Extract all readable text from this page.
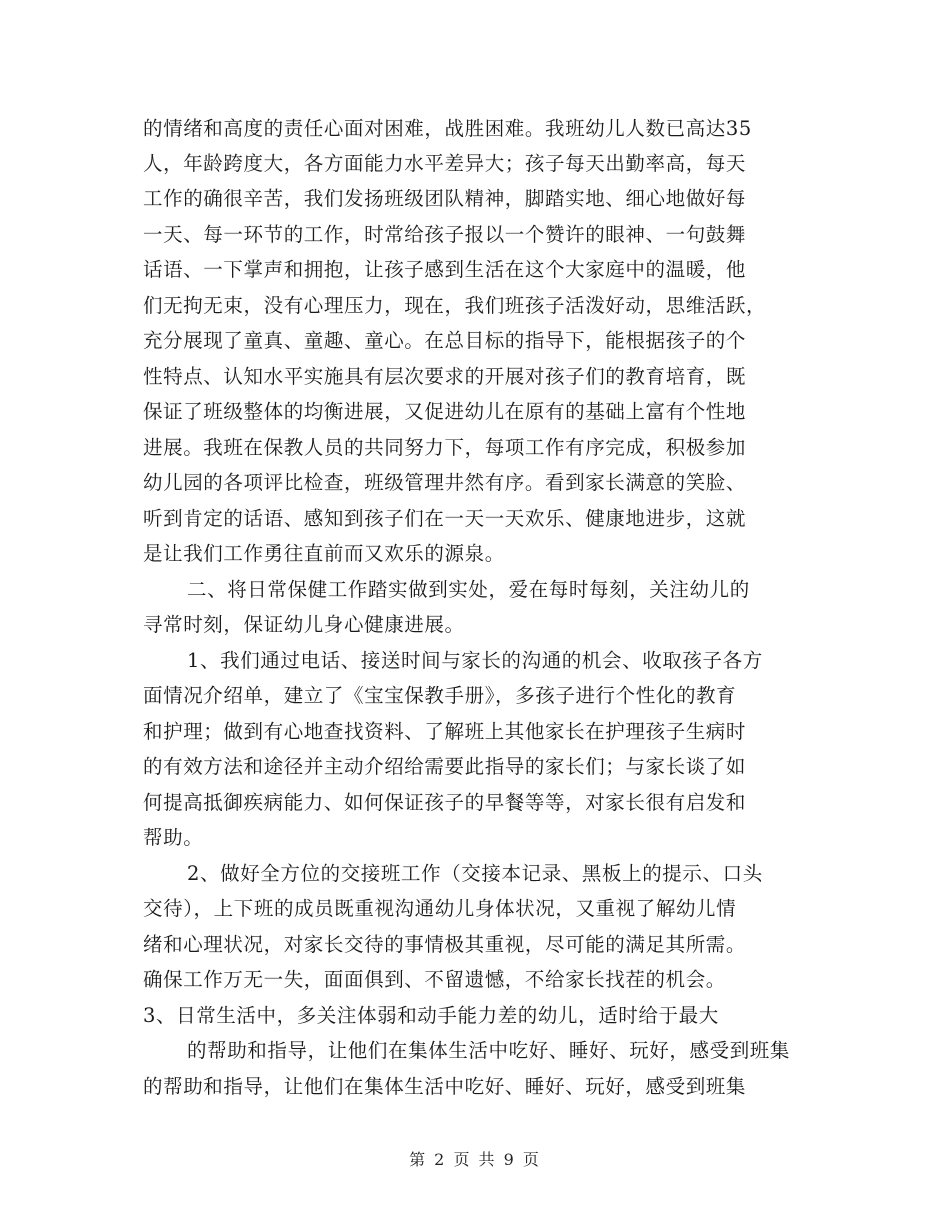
的情绪和高度的责任心面对困难，战胜困难。我班幼儿人数已高达35
人，年龄跨度大，各方面能力水平差异大；孩子每天出勤率高，每天
工作的确很辛苦，我们发扬班级团队精神，脚踏实地、细心地做好每
一天、每一环节的工作，时常给孩子报以一个赞许的眼神、一句鼓舞
话语、一下掌声和拥抱，让孩子感到生活在这个大家庭中的温暖，他
们无拘无束，没有心理压力，现在，我们班孩子活泼好动，思维活跃，
充分展现了童真、童趣、童心。在总目标的指导下，能根据孩子的个
性特点、认知水平实施具有层次要求的开展对孩子们的教育培育，既
保证了班级整体的均衡进展，又促进幼儿在原有的基础上富有个性地
进展。我班在保教人员的共同努力下，每项工作有序完成，积极参加
幼儿园的各项评比检查，班级管理井然有序。看到家长满意的笑脸、
听到肯定的话语、感知到孩子们在一天一天欢乐、健康地进步，这就
是让我们工作勇往直前而又欢乐的源泉。
二、将日常保健工作踏实做到实处，爱在每时每刻，关注幼儿的
寻常时刻，保证幼儿身心健康进展。
1、我们通过电话、接送时间与家长的沟通的机会、收取孩子各方
面情况介绍单，建立了《宝宝保教手册》，多孩子进行个性化的教育
和护理；做到有心地查找资料、了解班上其他家长在护理孩子生病时
的有效方法和途径并主动介绍给需要此指导的家长们；与家长谈了如
何提高抵御疾病能力、如何保证孩子的早餐等等，对家长很有启发和
帮助。
2、做好全方位的交接班工作（交接本记录、黑板上的提示、口头
交待），上下班的成员既重视沟通幼儿身体状况，又重视了解幼儿情
绪和心理状况，对家长交待的事情极其重视，尽可能的满足其所需。
确保工作万无一失，面面俱到、不留遗憾，不给家长找茬的机会。
3、日常生活中，多关注体弱和动手能力差的幼儿，适时给于最大
的帮助和指导，让他们在集体生活中吃好、睡好、玩好，感受到班集
的帮助和指导，让他们在集体生活中吃好、睡好、玩好，感受到班集
第 2 页 共 9 页
